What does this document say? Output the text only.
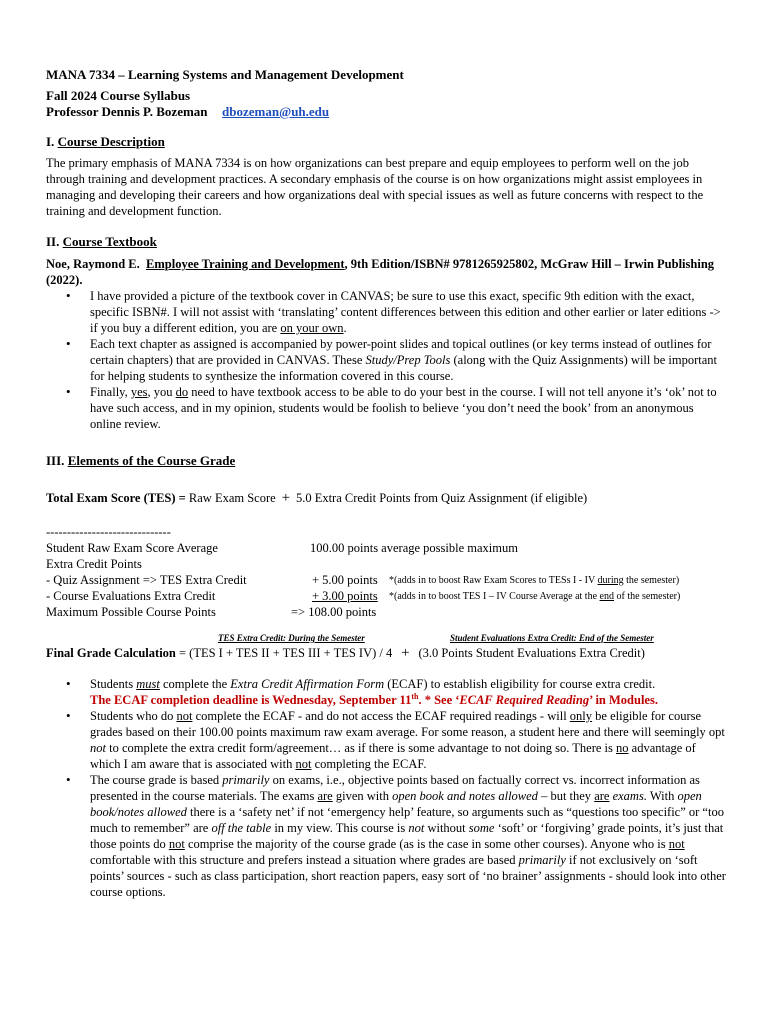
MANA 7334 – Learning Systems and Management Development

Fall 2024 Course Syllabus

Professor Dennis P. Bozeman dbozeman@uh.edu

I. Course Description

The primary emphasis of MANA 7334 is on how organizations can best prepare and equip employees to perform well on the job through training and development practices. A secondary emphasis of the course is on how organizations might assist employees in managing and developing their careers and how organizations deal with special issues as well as future concerns with respect to the training and development function.

II. Course Textbook

Noe, Raymond E. Employee Training and Development, 9th Edition/ISBN# 9781265925802, McGraw Hill – Irwin Publishing (2022).

• I have provided a picture of the textbook cover in CANVAS; be sure to use this exact, specific 9th edition with the exact, specific ISBN#. I will not assist with ‘translating’ content differences between this edition and other earlier or later editions -> if you buy a different edition, you are on your own.
• Each text chapter as assigned is accompanied by power-point slides and topical outlines (or key terms instead of outlines for certain chapters) that are provided in CANVAS. These Study/Prep Tools (along with the Quiz Assignments) will be important for helping students to synthesize the information covered in this course.
• Finally, yes, you do need to have textbook access to be able to do your best in the course. I will not tell anyone it’s ‘ok’ not to have such access, and in my opinion, students would be foolish to believe ‘you don’t need the book’ from an anonymous online review.

III. Elements of the Course Grade

Total Exam Score (TES) = Raw Exam Score + 5.0 Extra Credit Points from Quiz Assignment (if eligible)

------------------------------

Student Raw Exam Score Average	100.00 points average possible maximum
Extra Credit Points
- Quiz Assignment => TES Extra Credit	+ 5.00 points *(adds in to boost Raw Exam Scores to TESs I - IV during the semester)
- Course Evaluations Extra Credit	+ 3.00 points *(adds in to boost TES I – IV Course Average at the end of the semester)
Maximum Possible Course Points	=> 108.00 points
TES Extra Credit: During the Semester	Student Evaluations Extra Credit: End of the Semester

Final Grade Calculation = (TES I + TES II + TES III + TES IV) / 4 + (3.0 Points Student Evaluations Extra Credit)

• Students must complete the Extra Credit Affirmation Form (ECAF) to establish eligibility for course extra credit.
The ECAF completion deadline is Wednesday, September 11th. * See ‘ECAF Required Reading’ in Modules.
• Students who do not complete the ECAF - and do not access the ECAF required readings - will only be eligible for course grades based on their 100.00 points maximum raw exam average. For some reason, a student here and there will seemingly opt not to complete the extra credit form/agreement… as if there is some advantage to not doing so. There is no advantage of which I am aware that is associated with not completing the ECAF.
• The course grade is based primarily on exams, i.e., objective points based on factually correct vs. incorrect information as presented in the course materials. The exams are given with open book and notes allowed – but they are exams. With open book/notes allowed there is a ‘safety net’ if not ‘emergency help’ feature, so arguments such as “questions too specific” or “too much to remember” are off the table in my view. This course is not without some ‘soft’ or ‘forgiving’ grade points, it’s just that those points do not comprise the majority of the course grade (as is the case in some other courses). Anyone who is not comfortable with this structure and prefers instead a situation where grades are based primarily if not exclusively on ‘soft points’ sources - such as class participation, short reaction papers, easy sort of ‘no brainer’ assignments - should look into other course options.
